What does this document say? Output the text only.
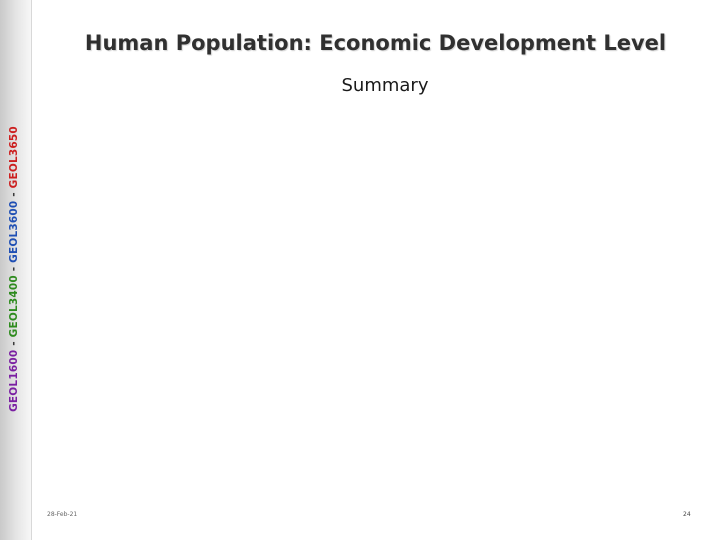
GEOL1600 - GEOL3400 - GEOL3600 - GEOL3650
Human Population: Economic Development Level
Summary
28-Feb-21	24
